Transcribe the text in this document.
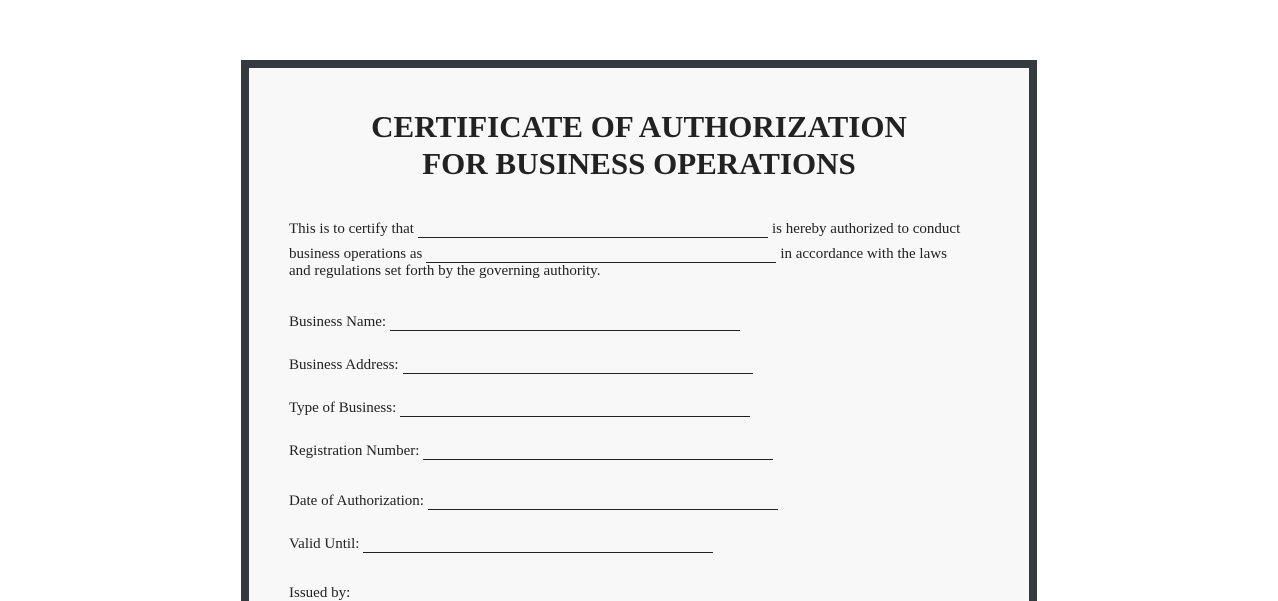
CERTIFICATE OF AUTHORIZATION
FOR BUSINESS OPERATIONS
This is to certify that	is hereby authorized to conduct
business operations as	in accordance with the laws
and regulations set forth by the governing authority.
Business Name:
Business Address:
Type of Business:
Registration Number:
Date of Authorization:
Valid Until:
Issued by:
